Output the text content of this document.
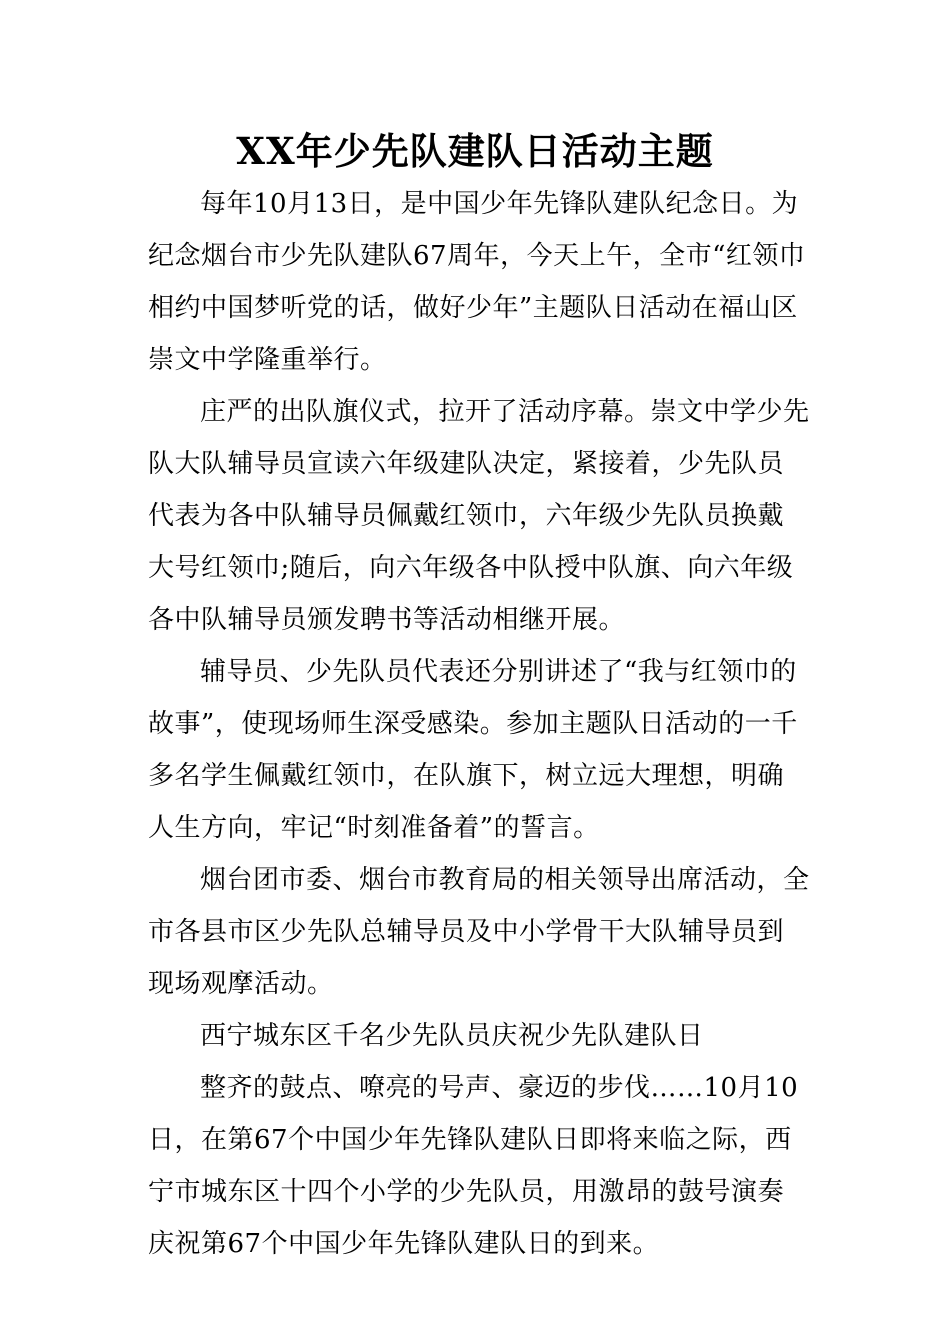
XX年少先队建队日活动主题

每年10月13日，是中国少年先锋队建队纪念日。为纪念烟台市少先队建队67周年，今天上午，全市“红领巾相约中国梦听党的话，做好少年”主题队日活动在福山区崇文中学隆重举行。

庄严的出队旗仪式，拉开了活动序幕。崇文中学少先队大队辅导员宣读六年级建队决定，紧接着，少先队员代表为各中队辅导员佩戴红领巾，六年级少先队员换戴大号红领巾;随后，向六年级各中队授中队旗、向六年级各中队辅导员颁发聘书等活动相继开展。

辅导员、少先队员代表还分别讲述了“我与红领巾的故事”，使现场师生深受感染。参加主题队日活动的一千多名学生佩戴红领巾，在队旗下，树立远大理想，明确人生方向，牢记“时刻准备着”的誓言。

烟台团市委、烟台市教育局的相关领导出席活动，全市各县市区少先队总辅导员及中小学骨干大队辅导员到现场观摩活动。

西宁城东区千名少先队员庆祝少先队建队日

整齐的鼓点、嘹亮的号声、豪迈的步伐……10月10日，在第67个中国少年先锋队建队日即将来临之际，西宁市城东区十四个小学的少先队员，用激昂的鼓号演奏庆祝第67个中国少年先锋队建队日的到来。
